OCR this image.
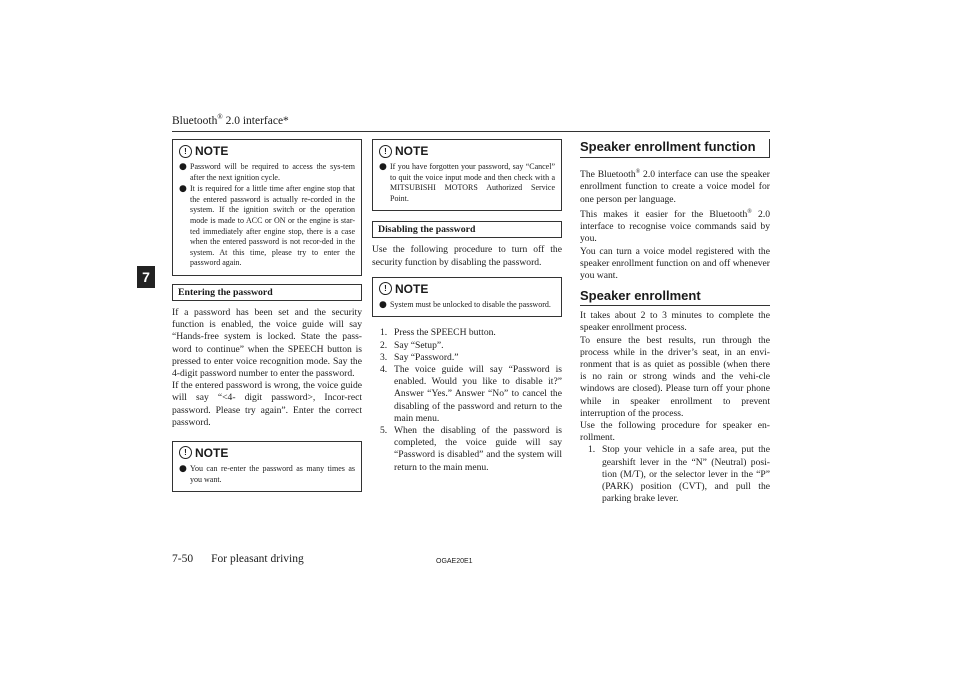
Bluetooth® 2.0 interface*
7
! NOTE
● Password will be required to access the sys-tem after the next ignition cycle.
● It is required for a little time after engine stop that the entered password is actually re-corded in the system. If the ignition switch or the operation mode is made to ACC or ON or the engine is star-ted immediately after engine stop, there is a case when the entered password is not recor-ded in the system. At this time, please try to enter the password again.
Entering the password
If a password has been set and the security function is enabled, the voice guide will say “Hands-free system is locked. State the pass-word to continue” when the SPEECH button is pressed to enter voice recognition mode. Say the 4-digit password number to enter the password.
If the entered password is wrong, the voice guide will say “<4- digit password>, Incor-rect password. Please try again”. Enter the correct password.
! NOTE
● You can re-enter the password as many times as you want.
! NOTE
● If you have forgotten your password, say “Cancel” to quit the voice input mode and then check with a MITSUBISHI MOTORS Authorized Service Point.
Disabling the password
Use the following procedure to turn off the security function by disabling the password.
! NOTE
● System must be unlocked to disable the password.
1. Press the SPEECH button.
2. Say “Setup”.
3. Say “Password.”
4. The voice guide will say “Password is enabled. Would you like to disable it?” Answer “Yes.” Answer “No” to cancel the disabling of the password and return to the main menu.
5. When the disabling of the password is completed, the voice guide will say “Password is disabled” and the system will return to the main menu.
Speaker enrollment function
The Bluetooth® 2.0 interface can use the speaker enrollment function to create a voice model for one person per language.
This makes it easier for the Bluetooth® 2.0 interface to recognise voice commands said by you.
You can turn a voice model registered with the speaker enrollment function on and off whenever you want.
Speaker enrollment
It takes about 2 to 3 minutes to complete the speaker enrollment process.
To ensure the best results, run through the process while in the driver’s seat, in an envi-ronment that is as quiet as possible (when there is no rain or strong winds and the vehi-cle windows are closed). Please turn off your phone while in speaker enrollment to prevent interruption of the process.
Use the following procedure for speaker en-rollment.
1. Stop your vehicle in a safe area, put the gearshift lever in the “N” (Neutral) posi-tion (M/T), or the selector lever in the “P” (PARK) position (CVT), and pull the parking brake lever.
7-50 For pleasant driving	OGAE20E1
